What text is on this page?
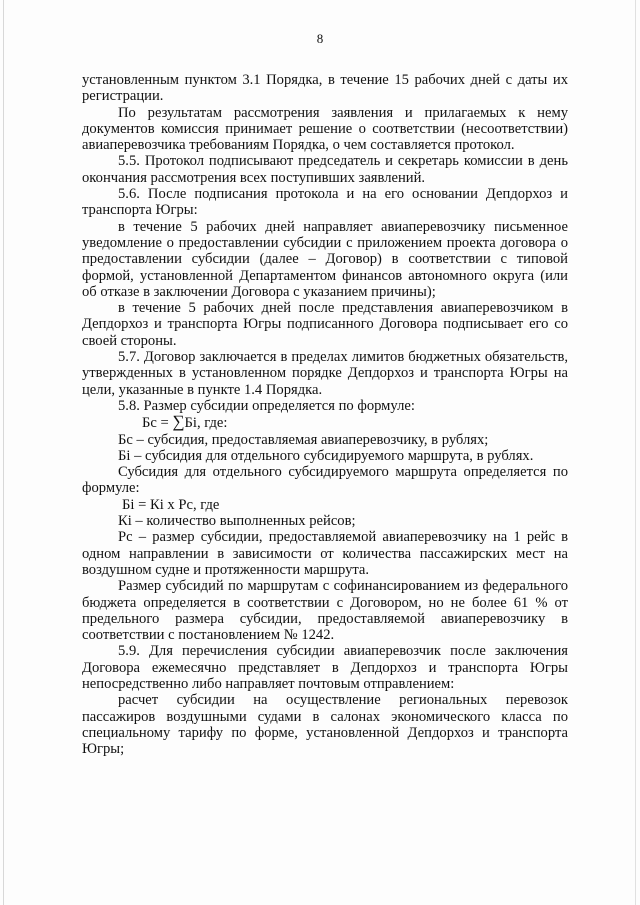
8

установленным пунктом 3.1 Порядка, в течение 15 рабочих дней с даты их регистрации.

По результатам рассмотрения заявления и прилагаемых к нему документов комиссия принимает решение о соответствии (несоответствии) авиаперевозчика требованиям Порядка, о чем составляется протокол.

5.5. Протокол подписывают председатель и секретарь комиссии в день окончания рассмотрения всех поступивших заявлений.

5.6. После подписания протокола и на его основании Депдорхоз и транспорта Югры:

в течение 5 рабочих дней направляет авиаперевозчику письменное уведомление о предоставлении субсидии с приложением проекта договора о предоставлении субсидии (далее – Договор) в соответствии с типовой формой, установленной Департаментом финансов автономного округа (или об отказе в заключении Договора с указанием причины);

в течение 5 рабочих дней после представления авиаперевозчиком в Депдорхоз и транспорта Югры подписанного Договора подписывает его со своей стороны.

5.7. Договор заключается в пределах лимитов бюджетных обязательств, утвержденных в установленном порядке Депдорхоз и транспорта Югры на цели, указанные в пункте 1.4 Порядка.

5.8. Размер субсидии определяется по формуле:

Бс = ∑Бi, где:

Бс – субсидия, предоставляемая авиаперевозчику, в рублях;

Бi – субсидия для отдельного субсидируемого маршрута, в рублях.

Субсидия для отдельного субсидируемого маршрута определяется по формуле:

Бi = Кi х Рс, где

Кi – количество выполненных рейсов;

Рс – размер субсидии, предоставляемой авиаперевозчику на 1 рейс в одном направлении в зависимости от количества пассажирских мест на воздушном судне и протяженности маршрута.

Размер субсидий по маршрутам с софинансированием из федерального бюджета определяется в соответствии с Договором, но не более 61 % от предельного размера субсидии, предоставляемой авиаперевозчику в соответствии с постановлением № 1242.

5.9. Для перечисления субсидии авиаперевозчик после заключения Договора ежемесячно представляет в Депдорхоз и транспорта Югры непосредственно либо направляет почтовым отправлением:

расчет субсидии на осуществление региональных перевозок пассажиров воздушными судами в салонах экономического класса по специальному тарифу по форме, установленной Депдорхоз и транспорта Югры;
